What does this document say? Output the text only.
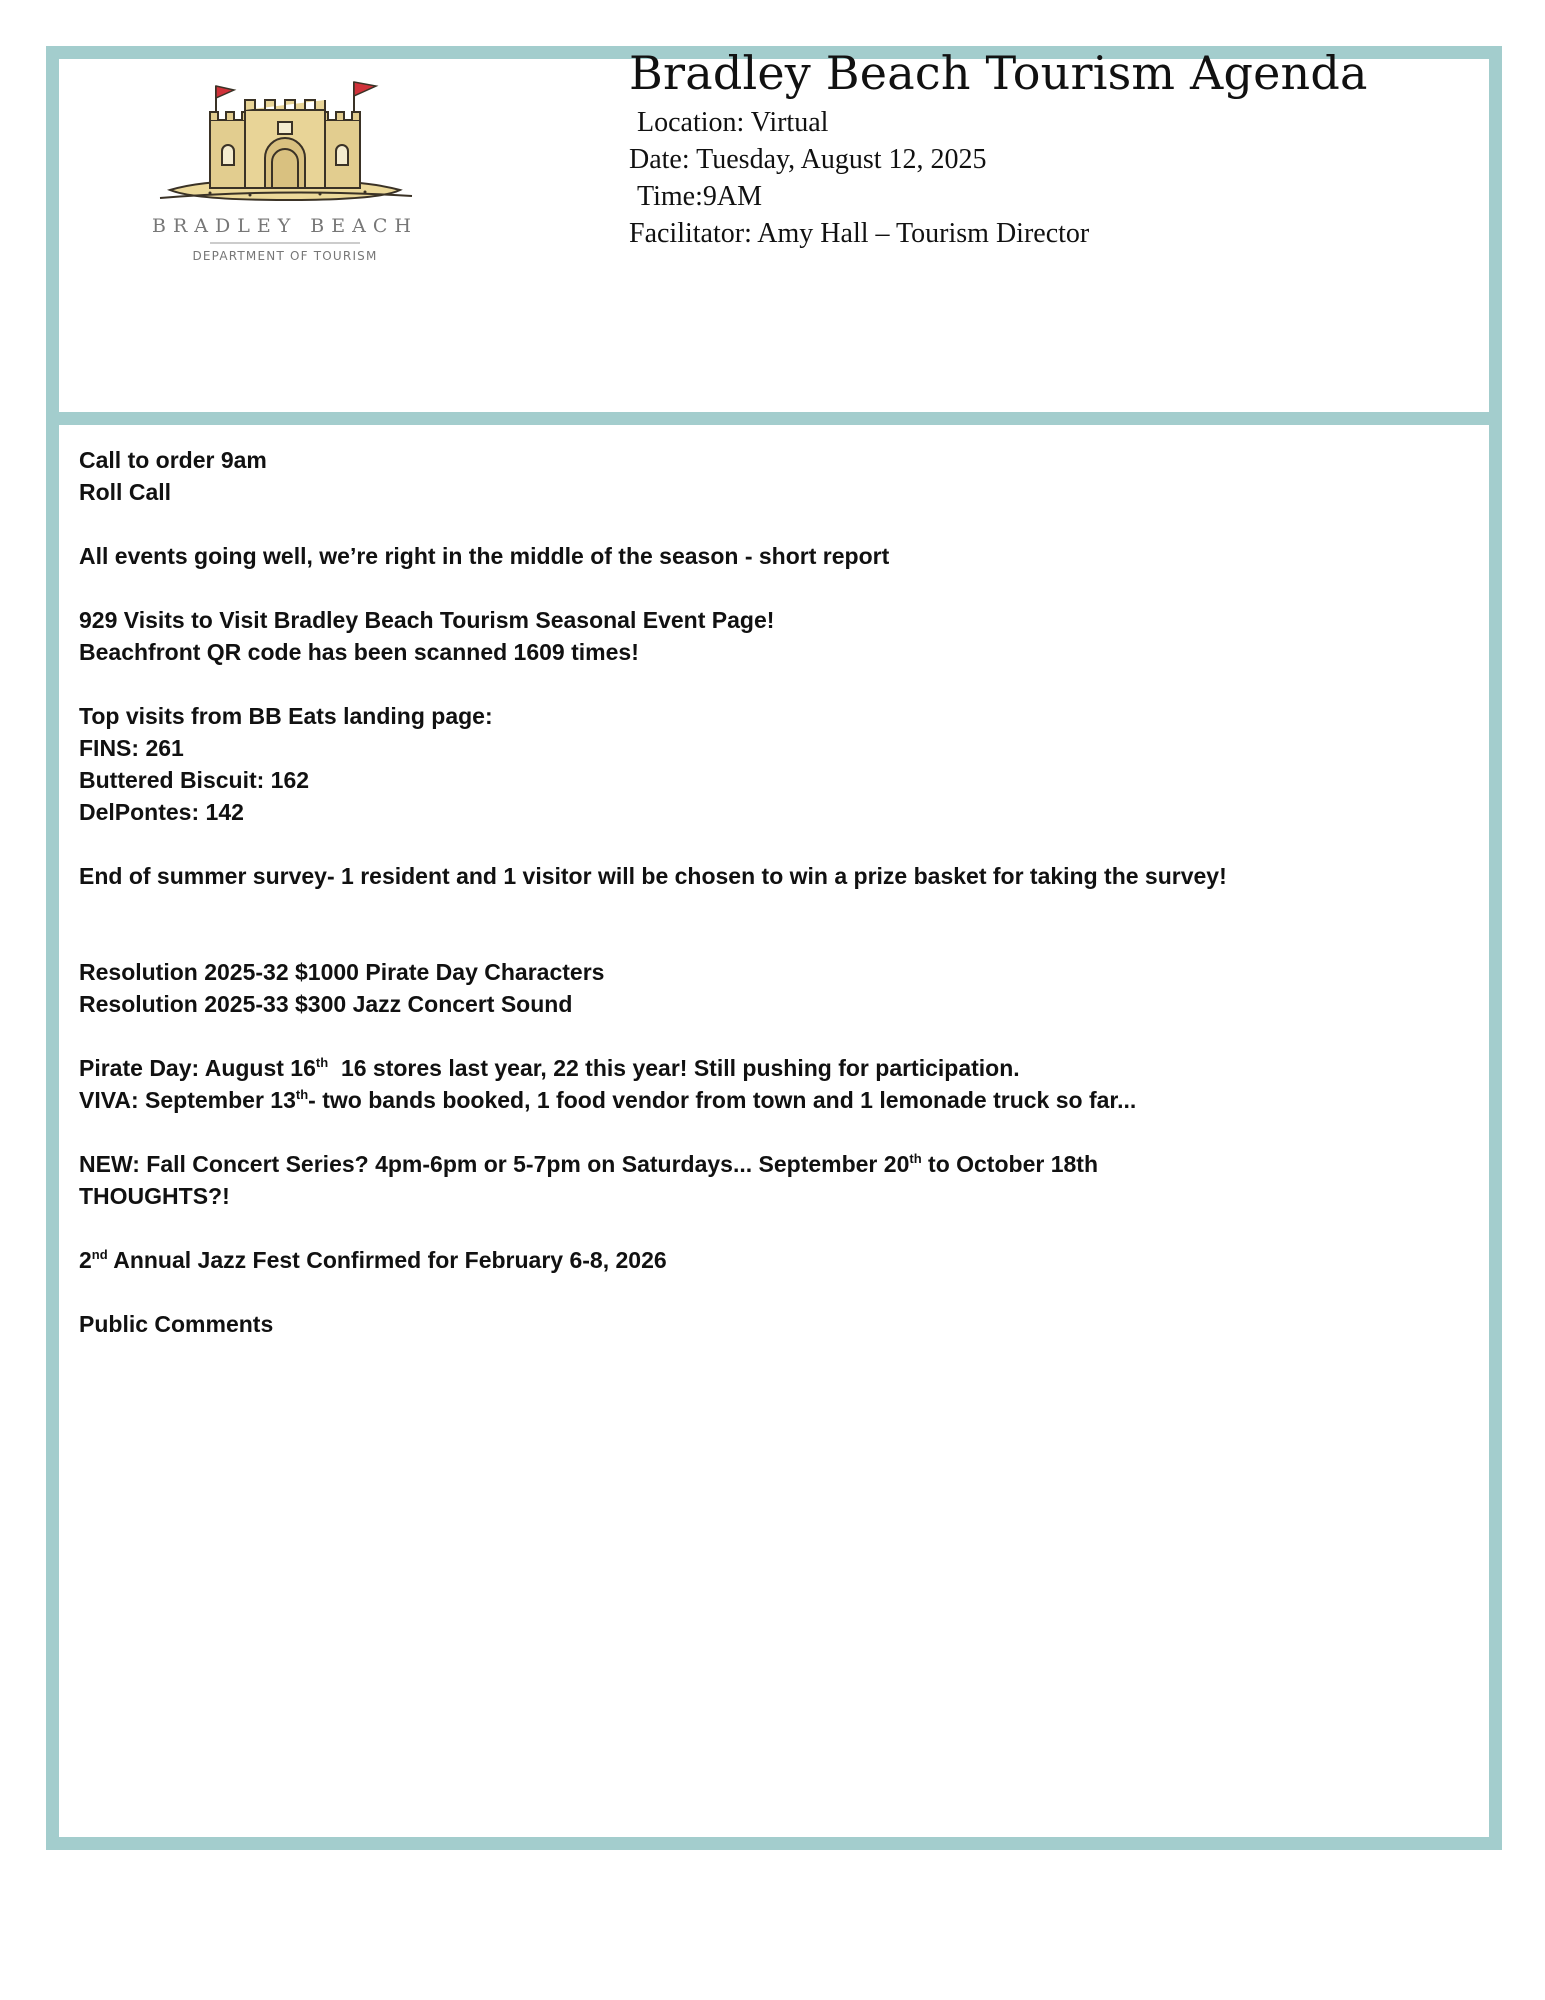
BRADLEY BEACH
DEPARTMENT OF TOURISM
Bradley Beach Tourism Agenda

Location: Virtual

Date: Tuesday, August 12, 2025

Time:9AM

Facilitator: Amy Hall – Tourism Director

Call to order 9am

Roll Call

All events going well, we’re right in the middle of the season - short report

929 Visits to Visit Bradley Beach Tourism Seasonal Event Page!

Beachfront QR code has been scanned 1609 times!

Top visits from BB Eats landing page:

FINS: 261

Buttered Biscuit: 162

DelPontes: 142

End of summer survey- 1 resident and 1 visitor will be chosen to win a prize basket for taking the survey!

Resolution 2025-32 $1000 Pirate Day Characters

Resolution 2025-33 $300 Jazz Concert Sound

Pirate Day: August 16th  16 stores last year, 22 this year! Still pushing for participation.

VIVA: September 13th- two bands booked, 1 food vendor from town and 1 lemonade truck so far...

NEW: Fall Concert Series? 4pm-6pm or 5-7pm on Saturdays... September 20th to October 18th

THOUGHTS?!

2nd Annual Jazz Fest Confirmed for February 6-8, 2026

Public Comments
